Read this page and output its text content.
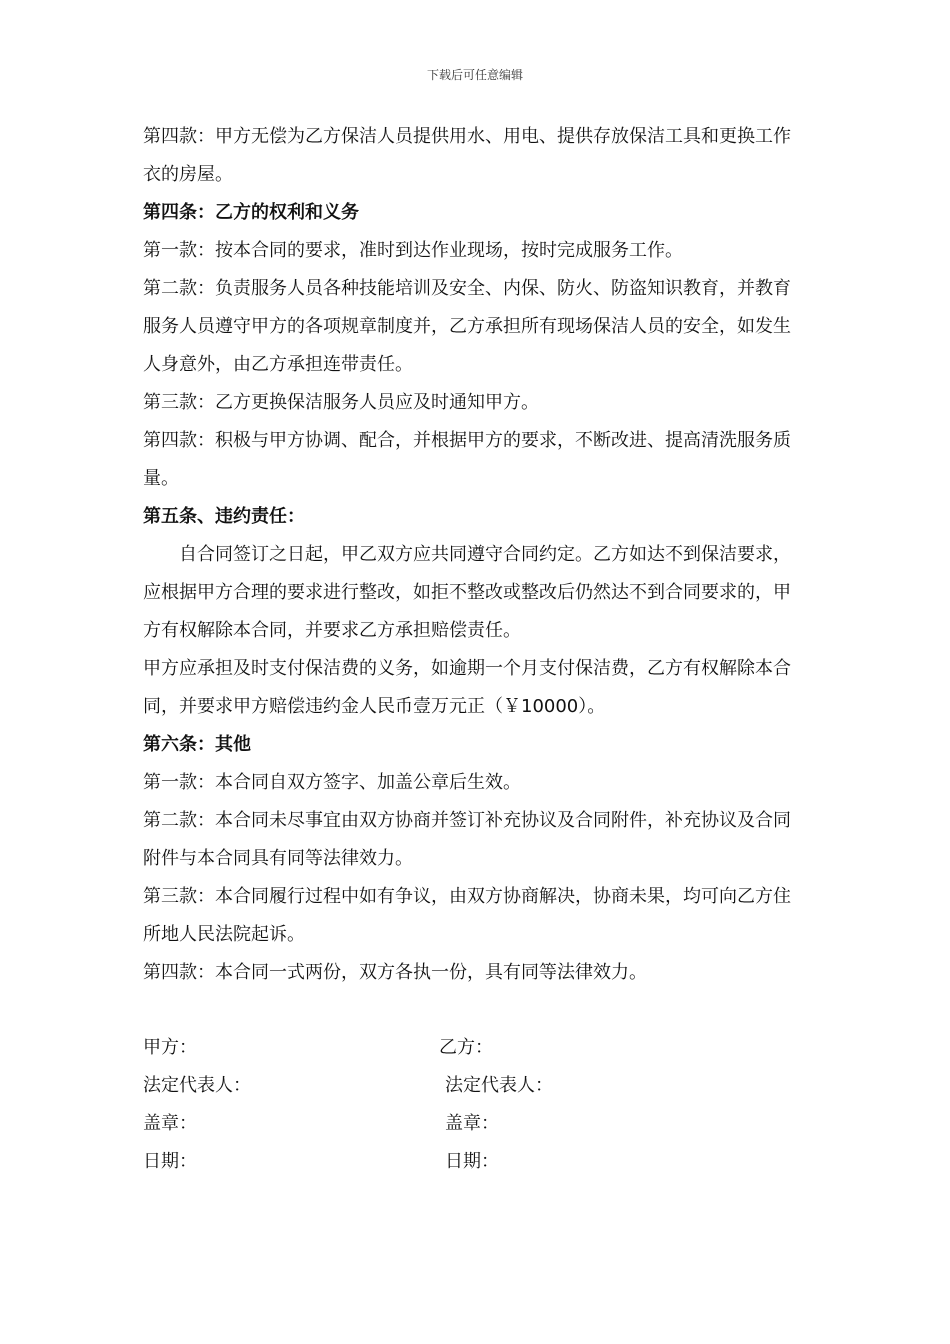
下载后可任意编辑

第四款：甲方无偿为乙方保洁人员提供用水、用电、提供存放保洁工具和更换工作衣的房屋。

第四条：乙方的权利和义务

第一款：按本合同的要求，准时到达作业现场，按时完成服务工作。

第二款：负责服务人员各种技能培训及安全、内保、防火、防盗知识教育，并教育服务人员遵守甲方的各项规章制度并，乙方承担所有现场保洁人员的安全，如发生人身意外，由乙方承担连带责任。

第三款：乙方更换保洁服务人员应及时通知甲方。

第四款：积极与甲方协调、配合，并根据甲方的要求，不断改进、提高清洗服务质量。

第五条、违约责任：

自合同签订之日起，甲乙双方应共同遵守合同约定。乙方如达不到保洁要求，应根据甲方合理的要求进行整改，如拒不整改或整改后仍然达不到合同要求的，甲方有权解除本合同，并要求乙方承担赔偿责任。

甲方应承担及时支付保洁费的义务，如逾期一个月支付保洁费，乙方有权解除本合同，并要求甲方赔偿违约金人民币壹万元正（￥10000）。

第六条：其他

第一款：本合同自双方签字、加盖公章后生效。

第二款：本合同未尽事宜由双方协商并签订补充协议及合同附件，补充协议及合同附件与本合同具有同等法律效力。

第三款：本合同履行过程中如有争议，由双方协商解决，协商未果，均可向乙方住所地人民法院起诉。

第四款：本合同一式两份，双方各执一份，具有同等法律效力。

甲方：	乙方：
法定代表人：	法定代表人：
盖章：	盖章：
日期：	日期：
